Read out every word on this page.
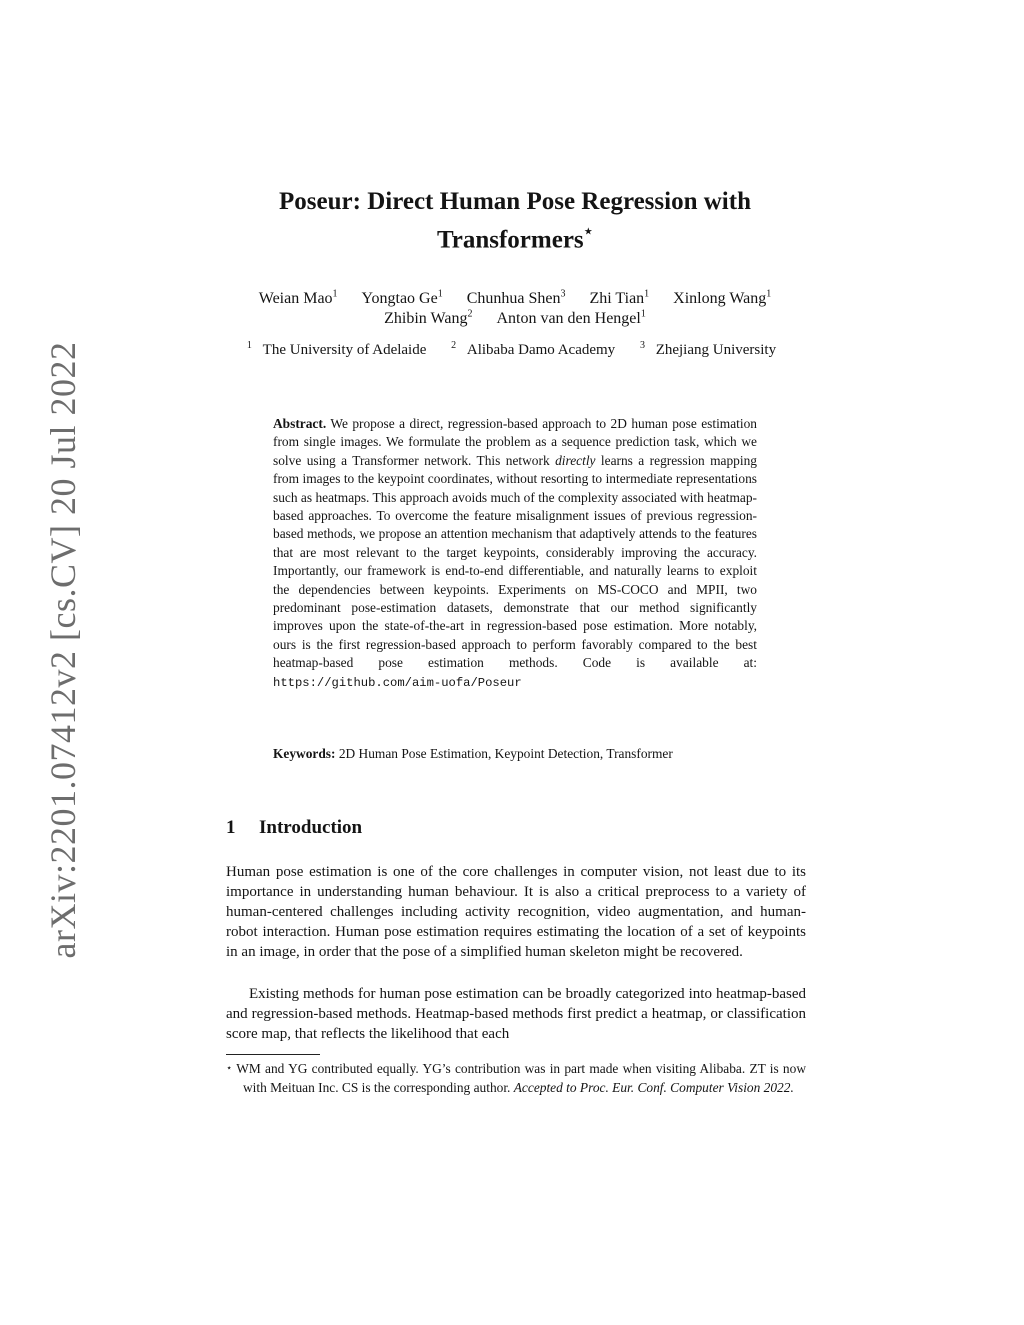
arXiv:2201.07412v2 [cs.CV] 20 Jul 2022
Poseur: Direct Human Pose Regression with
Transformers⋆
Weian Mao$^1$ Yongtao Ge$^1$ Chunhua Shen$^3$ Zhi Tian$^1$ Xinlong Wang$^1$
Zhibin Wang$^2$ Anton van den Hengel$^1$
$^1$ The University of Adelaide $^2$ Alibaba Damo Academy $^3$ Zhejiang University
Abstract. We propose a direct, regression-based approach to 2D human pose estimation from single images. We formulate the problem as a sequence prediction task, which we solve using a Transformer network. This network directly learns a regression mapping from images to the keypoint coordinates, without resorting to intermediate representations such as heatmaps. This approach avoids much of the complexity associated with heatmap-based approaches. To overcome the feature misalignment issues of previous regression-based methods, we propose an attention mechanism that adaptively attends to the features that are most relevant to the target keypoints, considerably improving the accuracy. Importantly, our framework is end-to-end differentiable, and naturally learns to exploit the dependencies between keypoints. Experiments on MS-COCO and MPII, two predominant pose-estimation datasets, demonstrate that our method significantly improves upon the state-of-the-art in regression-based pose estimation. More notably, ours is the first regression-based approach to perform favorably compared to the best heatmap-based pose estimation methods. Code is available at: https://github.com/aim-uofa/Poseur
Keywords: 2D Human Pose Estimation, Keypoint Detection, Transformer
1 Introduction
Human pose estimation is one of the core challenges in computer vision, not least due to its importance in understanding human behaviour. It is also a critical preprocess to a variety of human-centered challenges including activity recognition, video augmentation, and human-robot interaction. Human pose estimation requires estimating the location of a set of keypoints in an image, in order that the pose of a simplified human skeleton might be recovered.
Existing methods for human pose estimation can be broadly categorized into heatmap-based and regression-based methods. Heatmap-based methods first predict a heatmap, or classification score map, that reflects the likelihood that each
⋆ WM and YG contributed equally. YG’s contribution was in part made when visiting Alibaba. ZT is now with Meituan Inc. CS is the corresponding author. Accepted to Proc. Eur. Conf. Computer Vision 2022.
